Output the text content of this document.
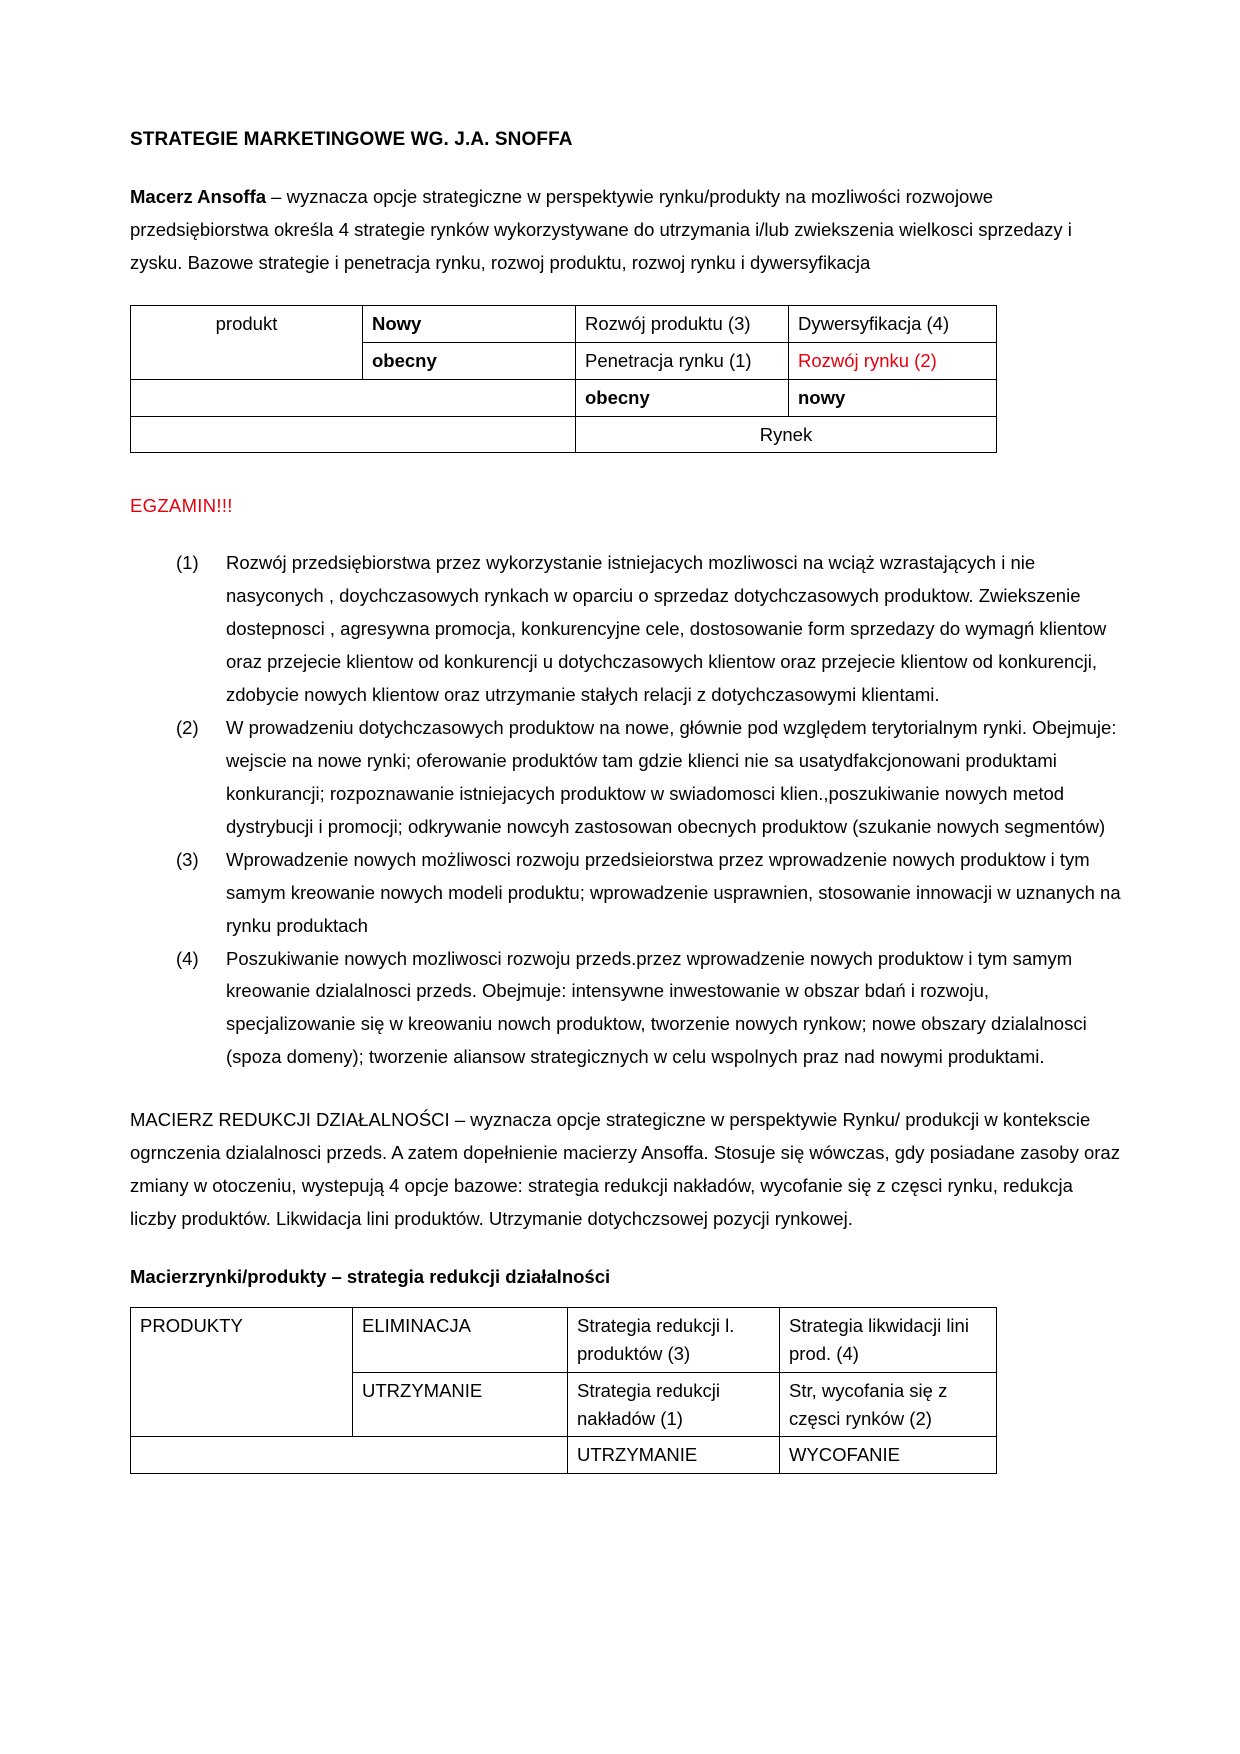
STRATEGIE MARKETINGOWE WG. J.A. SNOFFA

Macerz Ansoffa – wyznacza opcje strategiczne w perspektywie rynku/produkty na mozliwości rozwojowe przedsiębiorstwa określa 4 strategie rynków wykorzystywane do utrzymania i/lub zwiekszenia wielkosci sprzedazy i zysku. Bazowe strategie i penetracja rynku, rozwoj produktu, rozwoj rynku i dywersyfikacja

produkt	Nowy	Rozwój produktu (3)	Dywersyfikacja (4)
	obecny	Penetracja rynku (1)	Rozwój rynku (2)
		obecny	nowy
		Rynek	

EGZAMIN!!!

(1)	Rozwój przedsiębiorstwa przez wykorzystanie istniejacych mozliwosci na wciąż wzrastających i nie nasyconych , doychczasowych rynkach w oparciu o sprzedaz dotychczasowych produktow. Zwiekszenie dostepnosci , agresywna promocja, konkurencyjne cele, dostosowanie form sprzedazy do wymagń klientow oraz przejecie klientow od konkurencji u dotychczasowych klientow oraz przejecie klientow od konkurencji, zdobycie nowych klientow oraz utrzymanie stałych relacji z dotychczasowymi klientami.
(2)	W prowadzeniu dotychczasowych produktow na nowe, głównie pod względem terytorialnym rynki. Obejmuje: wejscie na nowe rynki; oferowanie produktów tam gdzie klienci nie sa usatydfakcjonowani produktami konkurancji; rozpoznawanie istniejacych produktow w swiadomosci klien.,poszukiwanie nowych metod dystrybucji i promocji; odkrywanie nowcyh zastosowan obecnych produktow (szukanie nowych segmentów)
(3)	Wprowadzenie nowych możliwosci rozwoju przedsieiorstwa przez wprowadzenie nowych produktow i tym samym kreowanie nowych modeli produktu; wprowadzenie usprawnien, stosowanie innowacji w uznanych na rynku produktach
(4)	Poszukiwanie nowych mozliwosci rozwoju przeds.przez wprowadzenie nowych produktow i tym samym kreowanie dzialalnosci przeds. Obejmuje: intensywne inwestowanie w obszar bdań i rozwoju, specjalizowanie się w kreowaniu nowch produktow, tworzenie nowych rynkow; nowe obszary dzialalnosci (spoza domeny); tworzenie aliansow strategicznych w celu wspolnych praz nad nowymi produktami.

MACIERZ REDUKCJI DZIAŁALNOŚCI – wyznacza opcje strategiczne w perspektywie Rynku/ produkcji w kontekscie ogrnczenia dzialalnosci przeds. A zatem dopełnienie macierzy Ansoffa. Stosuje się wówczas, gdy posiadane zasoby oraz zmiany w otoczeniu, wystepują 4 opcje bazowe: strategia redukcji nakładów, wycofanie się z częsci rynku, redukcja liczby produktów. Likwidacja lini produktów. Utrzymanie dotychczsowej pozycji rynkowej.

Macierzrynki/produkty – strategia redukcji działalności

PRODUKTY	ELIMINACJA	Strategia redukcji l. produktów (3)	Strategia likwidacji lini prod. (4)
	UTRZYMANIE	Strategia redukcji nakładów (1)	Str, wycofania się z częsci rynków (2)
		UTRZYMANIE	WYCOFANIE
